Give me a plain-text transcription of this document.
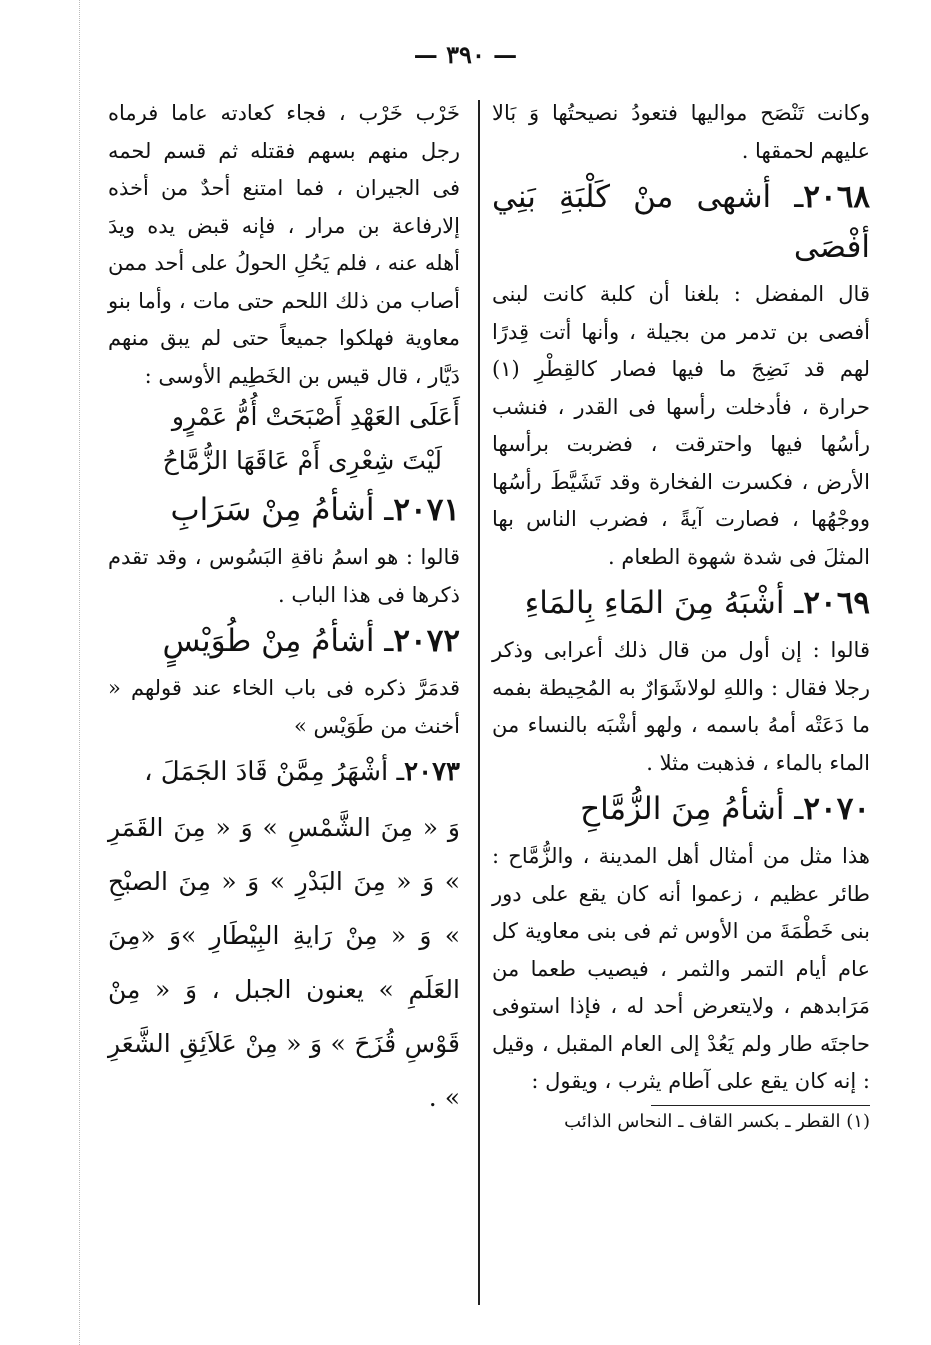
— ٣٩٠ —

وكانت تَنْصَح مواليها فتعودُ نصيحتُها وَ بَالا عليهم لحمقها .

٢٠٦٨ـ أشهى منْ كَلْبَةِ بَنِي أفْصَى

قال المفضل : بلغنا أن كلبة كانت لبنى أفصى بن تدمر من بجيلة ، وأنها أتت قِدرًا لهم قد نَضِجَ ما فيها فصار كالقِطْرِ (١) حرارة ، فأدخلت رأسها فى القدر ، فنشب رأسُها فيها واحترقت ، فضربت برأسها الأرض ، فكسرت الفخارة وقد تَشَيَّطَ رأسُها ووجْهُها ، فصارت آيةً ، فضرب الناس بها المثلَ فى شدة شهوة الطعام .

٢٠٦٩ـ أشْبَهُ مِنَ المَاءِ بِالمَاءِ

قالوا : إن أول من قال ذلك أعرابى وذكر رجلا فقال : واللهِ لولاشَوَارٌ به المُحِيطة بفمه ما دَعَتْه أمهُ باسمه ، ولهو أشْبَه بالنساء من الماء بالماء ، فذهبت مثلا .

٢٠٧٠ـ أشأمُ مِنَ الزُّمَّاحِ

هذا مثل من أمثال أهل المدينة ، والزُّمَّاح : طائر عظيم ، زعموا أنه كان يقع على دور بنى خَطْمَةَ من الأوس ثم فى بنى معاوية كل عام أيام التمر والثمر ، فيصيب طعما من مَرَابدهم ، ولايتعرض أحد له ، فإذا استوفى حاجتَه طار ولم يَعُدْ إلى العام المقبل ، وقيل : إنه كان يقع على آطام يثرب ، ويقول :

(١) القطر ـ بكسر القاف ـ النحاس الذائب

خَرْب خَرْب ، فجاء كعادته عاما فرماه رجل منهم بسهم فقتله ثم قسم لحمه فى الجيران ، فما امتنع أحدٌ من أخذه إلارفاعة بن مرار ، فإنه قبض يده ويدَ أهله عنه ، فلم يَحُلِ الحولُ على أحد ممن أصاب من ذلك اللحم حتى مات ، وأما بنو معاوية فهلكوا جميعاً حتى لم يبق منهم دَيَّار ، قال قيس بن الخَطِيم الأوسى :

أَعَلَى العَهْدِ أَصْبَحَتْ أُمُّ عَمْرٍو

لَيْتَ شِعْرِى أَمْ عَاقَهَا الزُّمَّاحُ

٢٠٧١ـ أشأمُ مِنْ سَرَابِ

قالوا : هو اسمُ ناقةِ البَسُوس ، وقد تقدم ذكرها فى هذا الباب .

٢٠٧٢ـ أشأمُ مِنْ طُوَيْسٍ

قدمَرَّ ذكره فى باب الخاء عند قولهم « أخنث من طَوَيْس »

٢٠٧٣ـ أشْهَرُ مِمَّنْ قَادَ الجَمَلَ ،

وَ « مِنَ الشَّمْسِ » وَ « مِنَ القَمَرِ » وَ « مِنَ البَدْرِ » وَ « مِنَ الصبْحِ » وَ « مِنْ رَايةِ البِيْطَارِ »وَ «مِنَ العَلَمِ » يعنون الجبل ، وَ « مِنْ قَوْسِ قُزَحَ » وَ « مِنْ عَلاَئِقِ الشَّعَرِ » .
